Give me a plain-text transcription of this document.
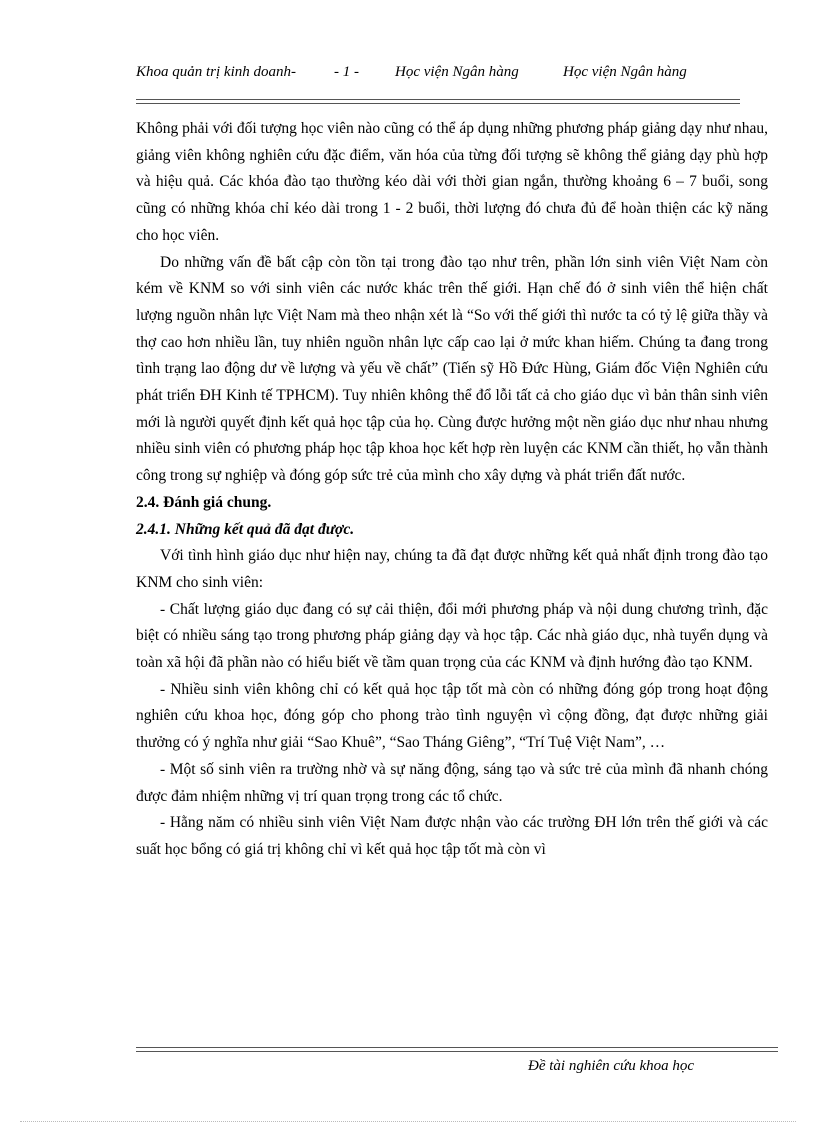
Khoa quản trị kinh doanh-	- 1 - Học viện Ngân hàng	Học viện Ngân hàng

Không phải với đối tượng học viên nào cũng có thể áp dụng những phương pháp giảng dạy như nhau, giảng viên không nghiên cứu đặc điểm, văn hóa của từng đối tượng sẽ không thể giảng dạy phù hợp và hiệu quả. Các khóa đào tạo thường kéo dài với thời gian ngắn, thường khoảng 6 – 7 buổi, song cũng có những khóa chỉ kéo dài trong 1 - 2 buổi, thời lượng đó chưa đủ để hoàn thiện các kỹ năng cho học viên.

Do những vấn đề bất cập còn tồn tại trong đào tạo như trên, phần lớn sinh viên Việt Nam còn kém về KNM so với sinh viên các nước khác trên thế giới. Hạn chế đó ở sinh viên thể hiện chất lượng nguồn nhân lực Việt Nam mà theo nhận xét là “So với thế giới thì nước ta có tỷ lệ giữa thầy và thợ cao hơn nhiều lần, tuy nhiên nguồn nhân lực cấp cao lại ở mức khan hiếm. Chúng ta đang trong tình trạng lao động dư về lượng và yếu về chất” (Tiến sỹ Hồ Đức Hùng, Giám đốc Viện Nghiên cứu phát triển ĐH Kinh tế TPHCM). Tuy nhiên không thể đổ lỗi tất cả cho giáo dục vì bản thân sinh viên mới là người quyết định kết quả học tập của họ. Cùng được hưởng một nền giáo dục như nhau nhưng nhiều sinh viên có phương pháp học tập khoa học kết hợp rèn luyện các KNM cần thiết, họ vẫn thành công trong sự nghiệp và đóng góp sức trẻ của mình cho xây dựng và phát triển đất nước.

2.4. Đánh giá chung.

2.4.1. Những kết quả đã đạt được.

Với tình hình giáo dục như hiện nay, chúng ta đã đạt được những kết quả nhất định trong đào tạo KNM cho sinh viên:

- Chất lượng giáo dục đang có sự cải thiện, đổi mới phương pháp và nội dung chương trình, đặc biệt có nhiều sáng tạo trong phương pháp giảng dạy và học tập. Các nhà giáo dục, nhà tuyển dụng và toàn xã hội đã phần nào có hiểu biết về tầm quan trọng của các KNM và định hướng đào tạo KNM.

- Nhiều sinh viên không chỉ có kết quả học tập tốt mà còn có những đóng góp trong hoạt động nghiên cứu khoa học, đóng góp cho phong trào tình nguyện vì cộng đồng, đạt được những giải thưởng có ý nghĩa như giải “Sao Khuê”, “Sao Tháng Giêng”, “Trí Tuệ Việt Nam”, …

- Một số sinh viên ra trường nhờ và sự năng động, sáng tạo và sức trẻ của mình đã nhanh chóng được đảm nhiệm những vị trí quan trọng trong các tổ chức.

- Hằng năm có nhiều sinh viên Việt Nam được nhận vào các trường ĐH lớn trên thế giới và các suất học bổng có giá trị không chỉ vì kết quả học tập tốt mà còn vì

Đề tài nghiên cứu khoa học
